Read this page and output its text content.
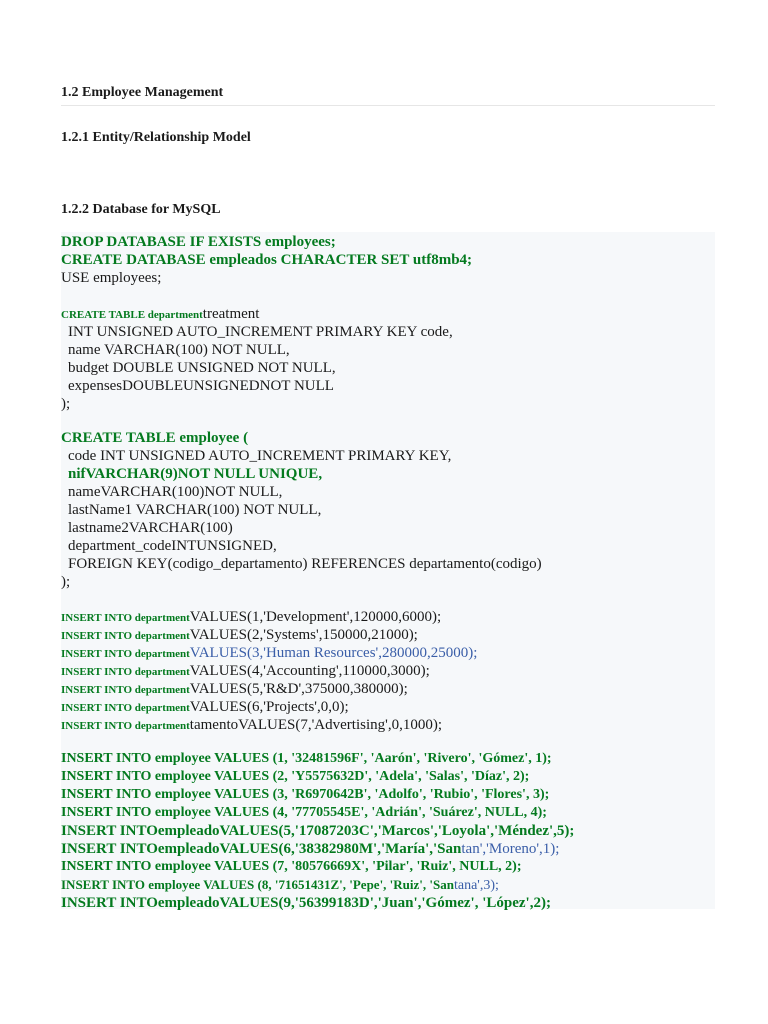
1.2 Employee Management
1.2.1 Entity/Relationship Model
1.2.2 Database for MySQL
DROP DATABASE IF EXISTS employees;
CREATE DATABASE empleados CHARACTER SET utf8mb4;
USE employees;
CREATE TABLE departmenttreatment
INT UNSIGNED AUTO_INCREMENT PRIMARY KEY code,
name VARCHAR(100) NOT NULL,
budget DOUBLE UNSIGNED NOT NULL,
expensesDOUBLEUNSIGNEDNOT NULL
);
CREATE TABLE employee (
code INT UNSIGNED AUTO_INCREMENT PRIMARY KEY,
nifVARCHAR(9)NOT NULL UNIQUE,
nameVARCHAR(100)NOT NULL,
lastName1 VARCHAR(100) NOT NULL,
lastname2VARCHAR(100)
department_codeINTUNSIGNED,
FOREIGN KEY(codigo_departamento) REFERENCES departamento(codigo)
);
INSERT INTO departmentVALUES(1,'Development',120000,6000);
INSERT INTO departmentVALUES(2,'Systems',150000,21000);
INSERT INTO departmentVALUES(3,'Human Resources',280000,25000);
INSERT INTO departmentVALUES(4,'Accounting',110000,3000);
INSERT INTO departmentVALUES(5,'R&D',375000,380000);
INSERT INTO departmentVALUES(6,'Projects',0,0);
INSERT INTO departmenttamentoVALUES(7,'Advertising',0,1000);
INSERT INTO employee VALUES (1, '32481596F', 'Aarón', 'Rivero', 'Gómez', 1);
INSERT INTO employee VALUES (2, 'Y5575632D', 'Adela', 'Salas', 'Díaz', 2);
INSERT INTO employee VALUES (3, 'R6970642B', 'Adolfo', 'Rubio', 'Flores', 3);
INSERT INTO employee VALUES (4, '77705545E', 'Adrián', 'Suárez', NULL, 4);
INSERT INTOempleadoVALUES(5,'17087203C','Marcos','Loyola','Méndez',5);
INSERT INTOempleadoVALUES(6,'38382980M','María','Santan','Moreno',1);
INSERT INTO employee VALUES (7, '80576669X', 'Pilar', 'Ruiz', NULL, 2);
INSERT INTO employee VALUES (8, '71651431Z', 'Pepe', 'Ruiz', 'Santana',3);
INSERT INTOempleadoVALUES(9,'56399183D','Juan','Gómez', 'López',2);
